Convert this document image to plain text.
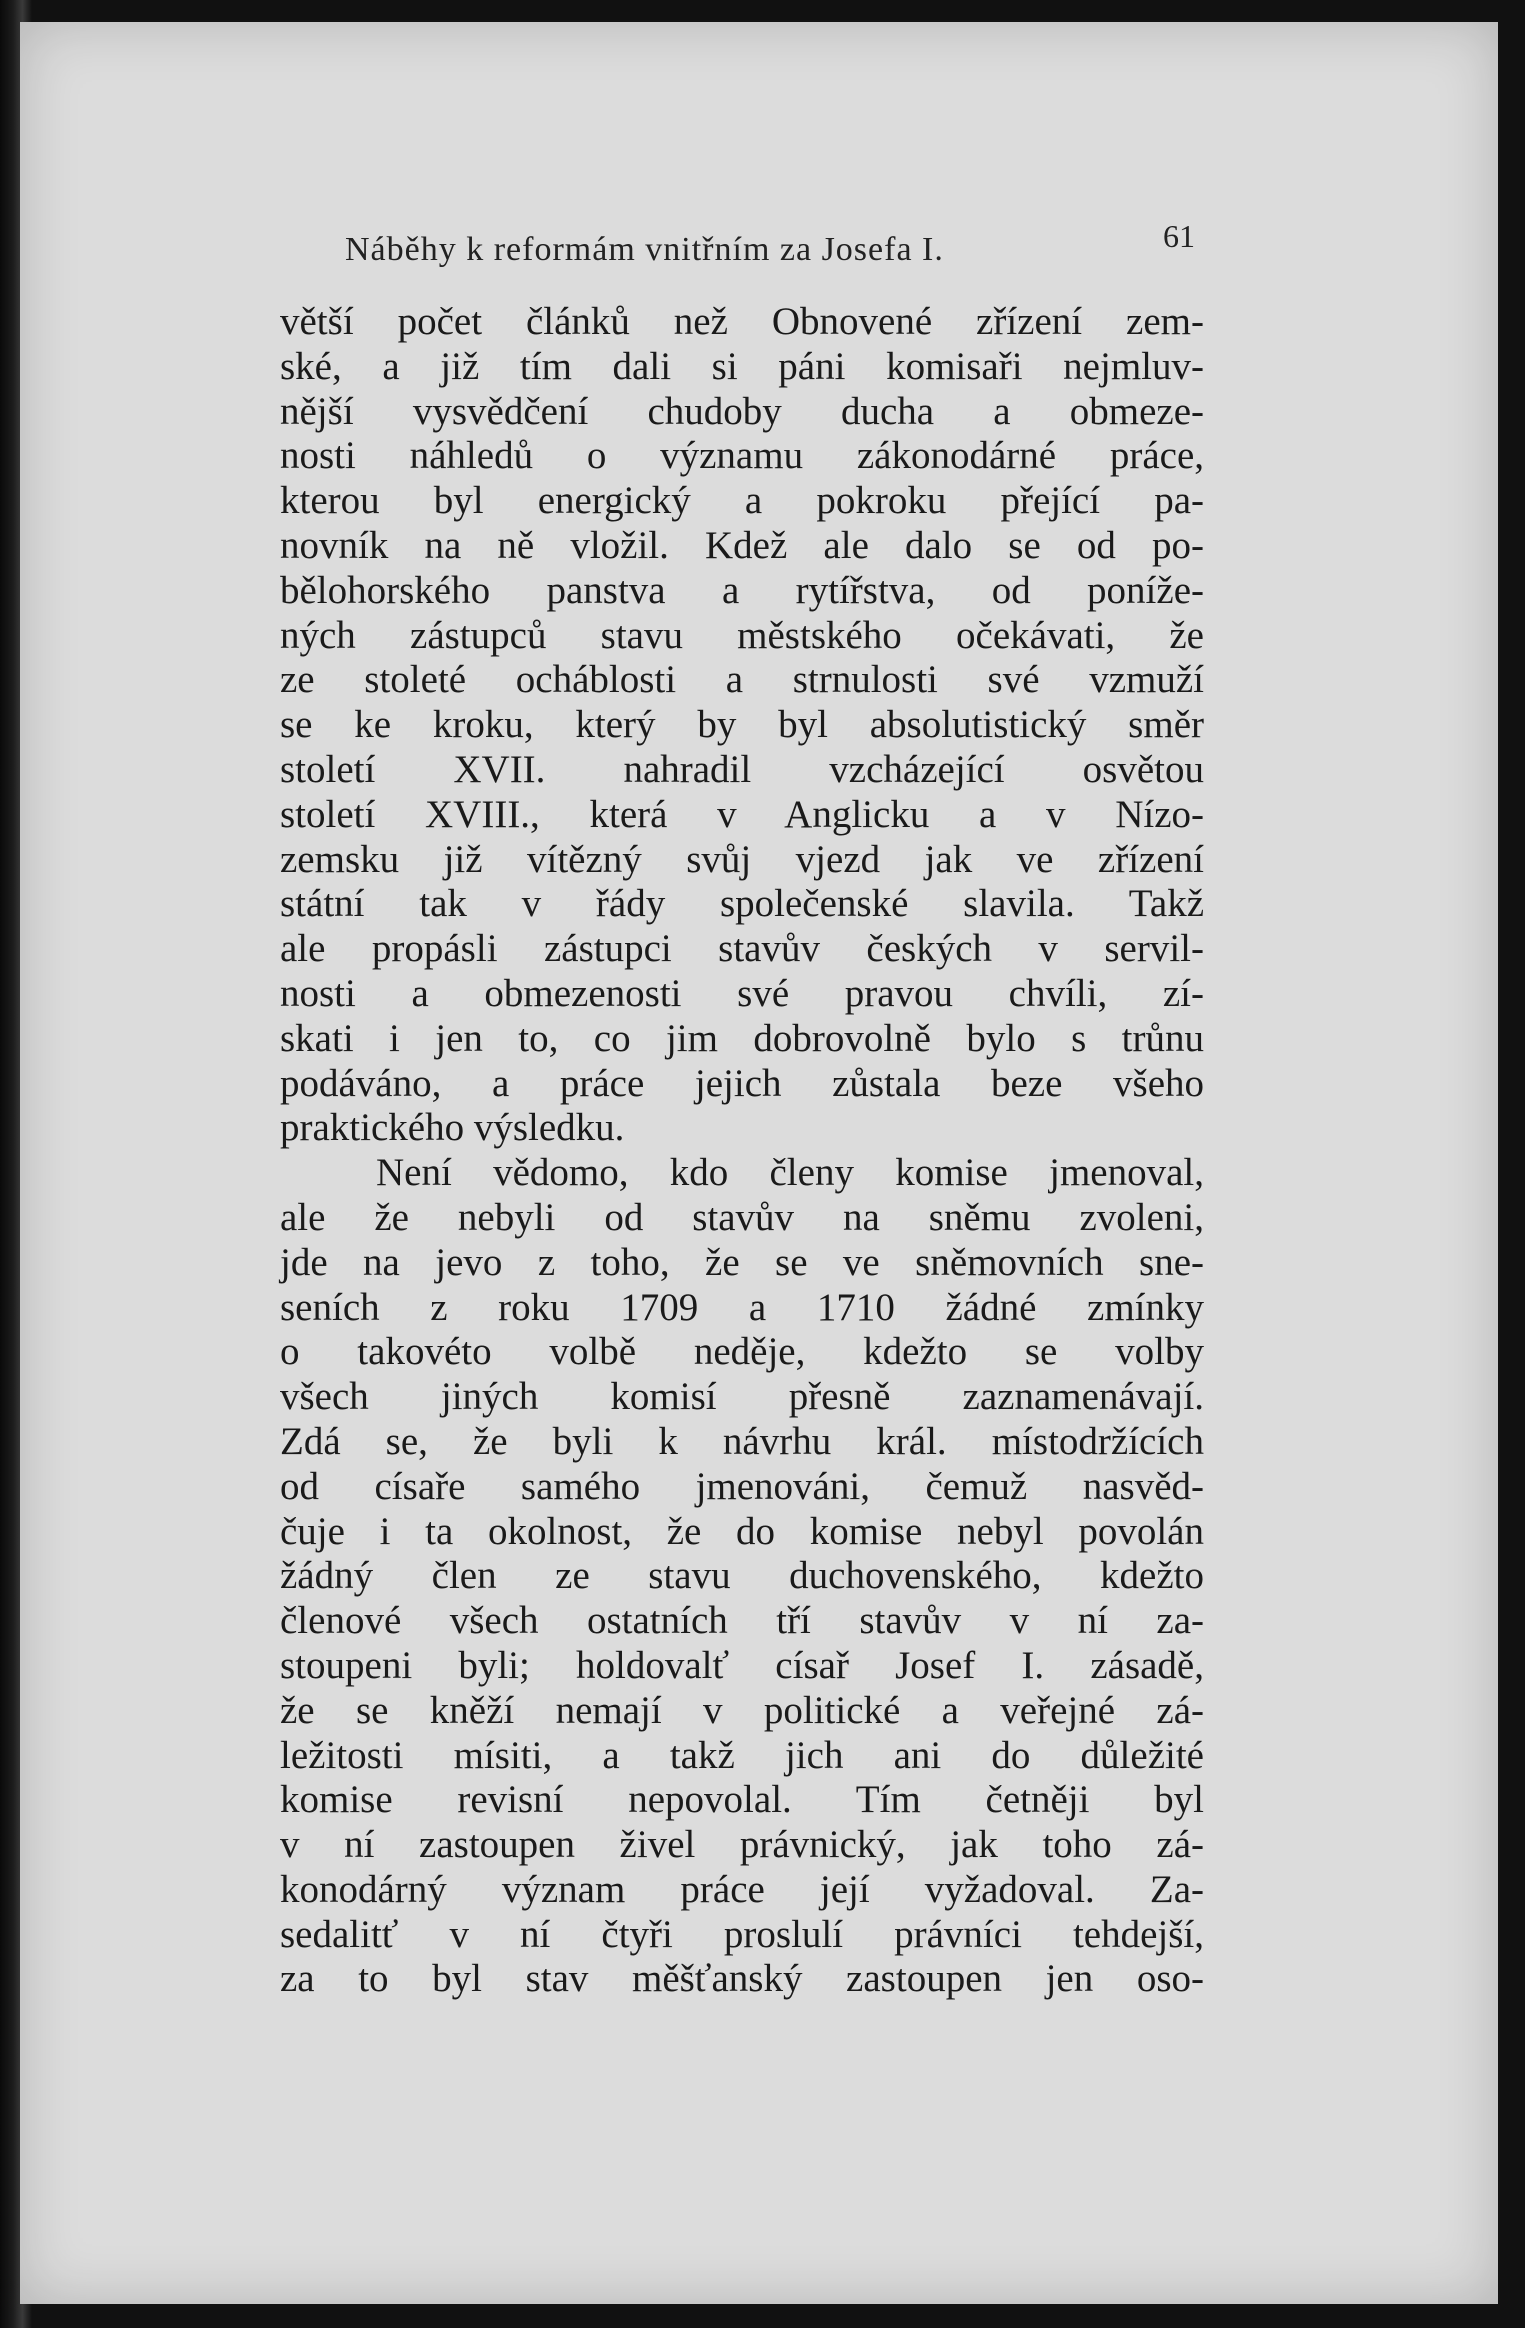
Náběhy k reformám vnitřním za Josefa I.	61
větší počet článků než Obnovené zřízení zem-
ské, a již tím dali si páni komisaři nejmluv-
nější vysvědčení chudoby ducha a obmeze-
nosti náhledů o významu zákonodárné práce,
kterou byl energický a pokroku přející pa-
novník na ně vložil. Kdež ale dalo se od po-
bělohorského panstva a rytířstva, od poníže-
ných zástupců stavu městského očekávati, že
ze stoleté ocháblosti a strnulosti své vzmuží
se ke kroku, který by byl absolutistický směr
století XVII. nahradil vzcházející osvětou
století XVIII., která v Anglicku a v Nízo-
zemsku již vítězný svůj vjezd jak ve zřízení
státní tak v řády společenské slavila. Takž
ale propásli zástupci stavův českých v servil-
nosti a obmezenosti své pravou chvíli, zí-
skati i jen to, co jim dobrovolně bylo s trůnu
podáváno, a práce jejich zůstala beze všeho
praktického výsledku.
Není vědomo, kdo členy komise jmenoval,
ale že nebyli od stavův na sněmu zvoleni,
jde na jevo z toho, že se ve sněmovních sne-
seních z roku 1709 a 1710 žádné zmínky
o takovéto volbě neděje, kdežto se volby
všech jiných komisí přesně zaznamenávají.
Zdá se, že byli k návrhu král. místodržících
od císaře samého jmenováni, čemuž nasvěd-
čuje i ta okolnost, že do komise nebyl povolán
žádný člen ze stavu duchovenského, kdežto
členové všech ostatních tří stavův v ní za-
stoupeni byli; holdovalť císař Josef I. zásadě,
že se kněží nemají v politické a veřejné zá-
ležitosti mísiti, a takž jich ani do důležité
komise revisní nepovolal. Tím četněji byl
v ní zastoupen živel právnický, jak toho zá-
konodárný význam práce její vyžadoval. Za-
sedalitť v ní čtyři proslulí právníci tehdejší,
za to byl stav měšťanský zastoupen jen oso-
